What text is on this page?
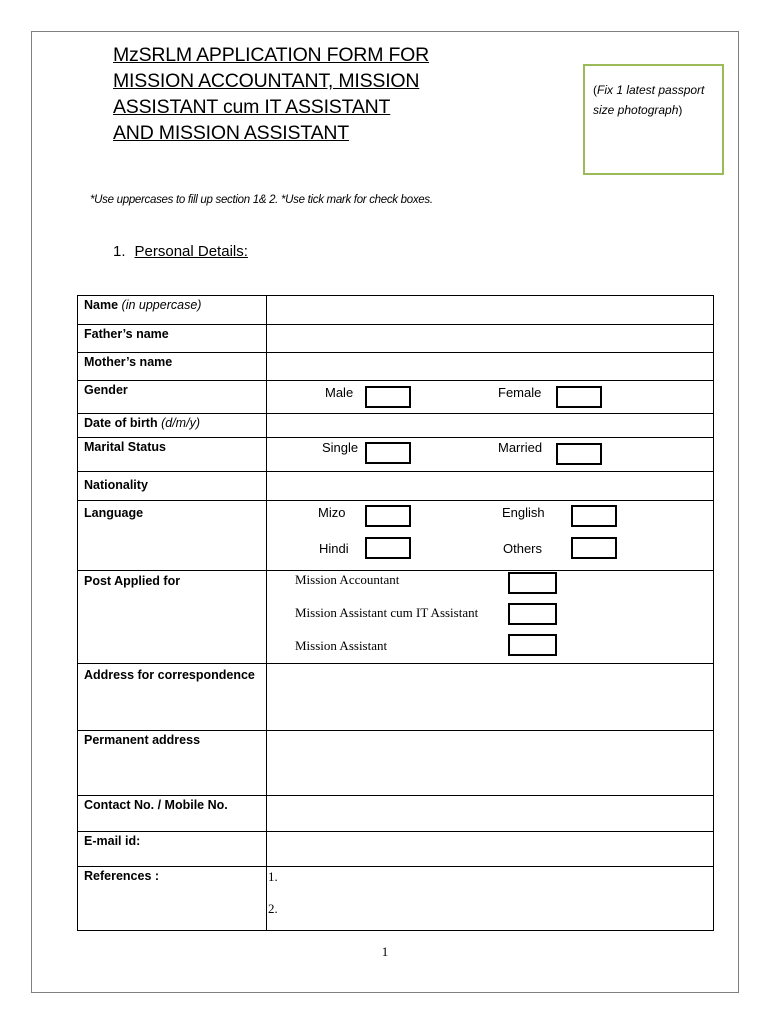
MzSRLM APPLICATION FORM FOR
MISSION ACCOUNTANT, MISSION
ASSISTANT cum IT ASSISTANT
AND MISSION ASSISTANT
(Fix 1 latest passport size photograph)
*Use uppercases to fill up section 1& 2. *Use tick mark for check boxes.
1. Personal Details:
Name (in uppercase)	
Father’s name	
Mother’s name	
Gender	Male Female

Date of birth (d/m/y)	
Marital Status	Single Married

Nationality	
Language	Mizo English
Hindi Others

Post Applied for	Mission Accountant
Mission Assistant cum IT Assistant
Mission Assistant

Address for correspondence	
Permanent address	
Contact No. / Mobile No.	
E-mail id:	
References :	1.
2.
1
